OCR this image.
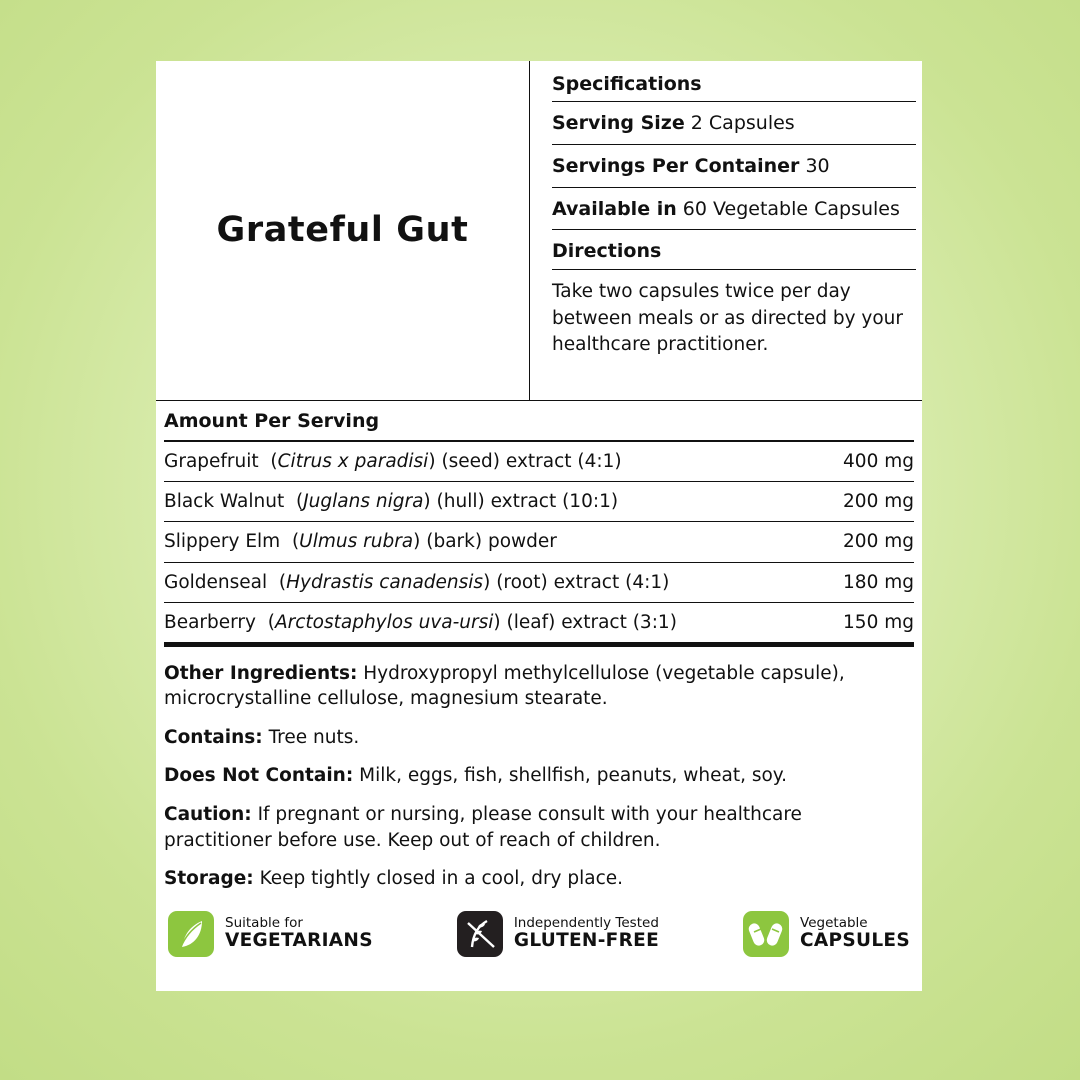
Grateful Gut
Specifications
Serving Size 2 Capsules
Servings Per Container 30
Available in 60 Vegetable Capsules
Directions
Take two capsules twice per day between meals or as directed by your healthcare practitioner.
Amount Per Serving
Grapefruit  (Citrus x paradisi) (seed) extract (4:1)	400 mg
Black Walnut  (Juglans nigra) (hull) extract (10:1)	200 mg
Slippery Elm  (Ulmus rubra) (bark) powder	200 mg
Goldenseal  (Hydrastis canadensis) (root) extract (4:1)	180 mg
Bearberry  (Arctostaphylos uva-ursi) (leaf) extract (3:1)	150 mg
Other Ingredients: Hydroxypropyl methylcellulose (vegetable capsule), microcrystalline cellulose, magnesium stearate.
Contains: Tree nuts.
Does Not Contain: Milk, eggs, fish, shellfish, peanuts, wheat, soy.
Caution: If pregnant or nursing, please consult with your healthcare practitioner before use. Keep out of reach of children.
Storage: Keep tightly closed in a cool, dry place.
Suitable for
VEGETARIANS
Independently Tested
GLUTEN-FREE
Vegetable
CAPSULES
